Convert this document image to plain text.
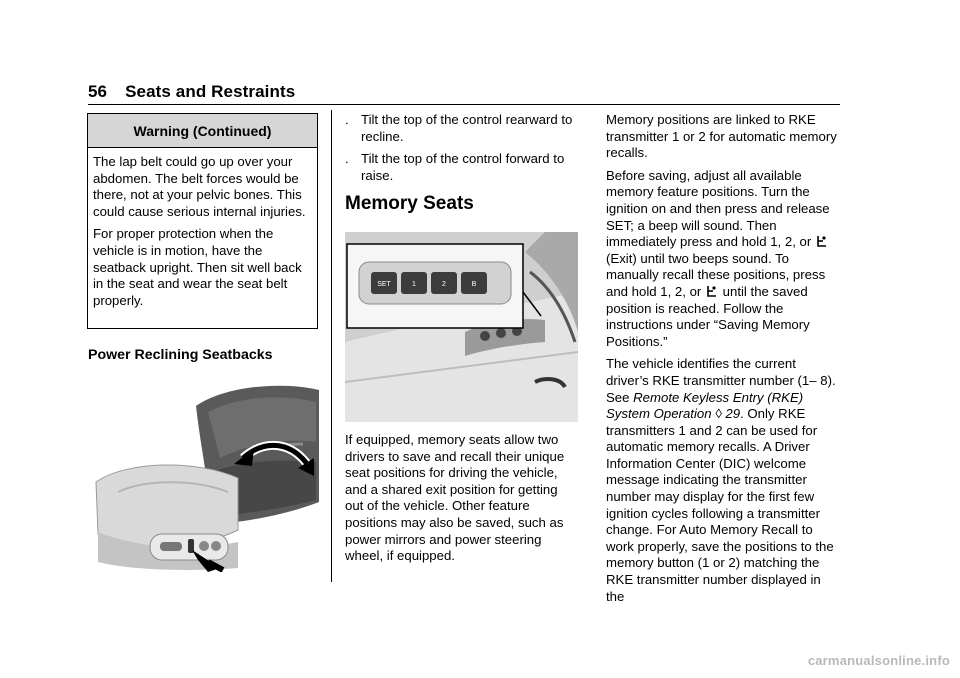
56 Seats and Restraints
Warning (Continued)

The lap belt could go up over your abdomen. The belt forces would be there, not at your pelvic bones. This could cause serious internal injuries.

For proper protection when the vehicle is in motion, have the seatback upright. Then sit well back in the seat and wear the seat belt properly.

Power Reclining Seatbacks
. Tilt the top of the control rearward to recline.
. Tilt the top of the control forward to raise.
Memory Seats
SET	1	2	B
If equipped, memory seats allow two drivers to save and recall their unique seat positions for driving the vehicle, and a shared exit position for getting out of the vehicle. Other feature positions may also be saved, such as power mirrors and power steering wheel, if equipped.

Memory positions are linked to RKE transmitter 1 or 2 for automatic memory recalls.

Before saving, adjust all available memory feature positions. Turn the ignition on and then press and release SET; a beep will sound. Then immediately press and hold 1, 2, or  (Exit) until two beeps sound. To manually recall these positions, press and hold 1, 2, or until the saved position is reached. Follow the instructions under “Saving Memory Positions.”

The vehicle identifies the current driver’s RKE transmitter number (1– 8). See Remote Keyless Entry (RKE) System Operation ◊ 29. Only RKE transmitters 1 and 2 can be used for automatic memory recalls. A Driver Information Center (DIC) welcome message indicating the transmitter number may display for the first few ignition cycles following a transmitter change. For Auto Memory Recall to work properly, save the positions to the memory button (1 or 2) matching the RKE transmitter number displayed in the

carmanualsonline.info
